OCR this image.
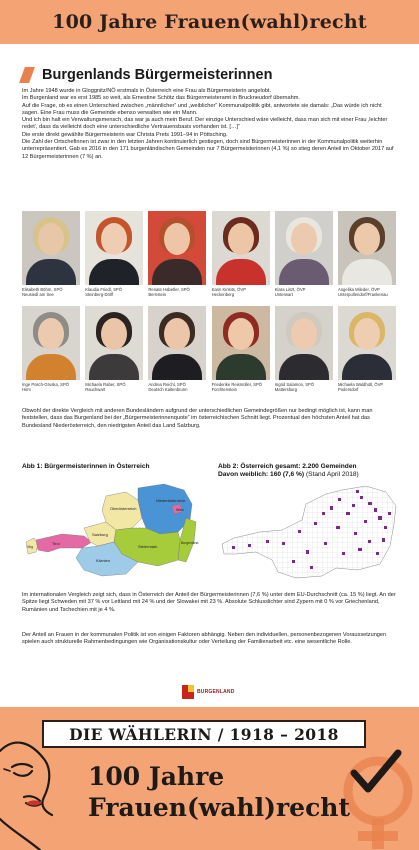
100 Jahre Frauen(wahl)recht
Burgenlands Bürgermeisterinnen

Im Jahre 1948 wurde in Gloggnitz/NÖ erstmals in Österreich eine Frau als Bürgermeisterin angelobt.
Im Burgenland war es erst 1985 so weit, als Ernestine Schötz das Bürgermeisteramt in Bruckneudorf übernahm.
Auf die Frage, ob es einen Unterschied zwischen „männlicher“ und „weiblicher“ Kommunalpolitik gibt, antwortete sie damals: „Das würde ich nicht sagen. Eine Frau muss die Gemeinde ebenso verwalten wie ein Mann.
Und ich bin halt ein Verwaltungsmensch, das war ja auch mein Beruf. Der einzige Unterschied wäre vielleicht, dass man sich mit einer Frau ‚leichter redet‘, dass da vielleicht doch eine unterschiedliche Vertrauensbasis vorhanden ist. […]“
Die erste direkt gewählte Bürgermeisterin war Christa Prets 1991–94 in Pöttsching.
Die Zahl der Ortschefinnen ist zwar in den letzten Jahren kontinuierlich gestiegen, doch sind Bürgermeisterinnen in der Kommunalpolitik weiterhin unterrepräsentiert. Gab es 2016 in den 171 burgenländischen Gemeinden nur 7 Bürgermeisterinnen (4,1 %) so stieg deren Anteil im Oktober 2017 auf 12 Bürgermeisterinnen (7 %) an.

Elisabeth Böhm, SPÖ
Neusiedl am See
Klaudia Friedl, SPÖ
Steinberg-Dörfl
Renate Habetler, SPÖ
Bernstein
Karin Kirisits, ÖVP
Heckenberg
Klara Liszt, ÖVP
Unterwart
Angelika Mileder, ÖVP
Unterpullendorf/Frankenau
Inge Posch-Gruska, SPÖ
Hirm
Michaela Raber, SPÖ
Rauchwart
Andrea Reichl, SPÖ
Deutsch Kaltenbrunn
Friederike Reismüller, SPÖ
Forchtenstein
Ingrid Salamon, SPÖ
Mattersburg
Michaela Waldhütl, ÖVP
Podersdorf

Obwohl der direkte Vergleich mit anderen Bundesländern aufgrund der unterschiedlichen Gemeindegrößen nur bedingt möglich ist, kann man feststellen, dass das Burgenland bei der „Bürgermeisterinnenquote“ im österreichischen Schnitt liegt. Prozentual den höchsten Anteil hat das Bundesland Niederösterreich, den niedrigsten Anteil das Land Salzburg.

Abb 1: Bürgermeisterinnen in Österreich	Abb 2: Österreich gesamt: 2.200 Gemeinden
Davon weiblich: 160 (7,6 %) (Stand April 2018)
Niederösterreich
Oberösterreich	Wien
Burgenland
Salzburg
Steiermark
Kärnten
Tirol
Vbg

Im internationalen Vergleich zeigt sich, dass in Österreich der Anteil der Bürgermeisterinnen (7,6 %) unter dem EU-Durchschnitt (ca. 15 %) liegt. An der Spitze liegt Schweden mit 37 % vor Lettland mit 24 % und der Slowakei mit 23 %. Absolute Schlusslichter sind Zypern mit 0 % vor Griechenland, Rumänien und Tschechien mit je 4 %.

Der Anteil an Frauen in der kommunalen Politik ist von einigen Faktoren abhängig. Neben den individuellen, personenbezogenen Voraussetzungen spielen auch strukturelle Rahmenbedingungen wie Organisationskultur oder Verteilung der Familienarbeit etc. eine wesentliche Rolle.

BURGENLAND
DIE WÄHLERIN / 1918 – 2018
100 Jahre
Frauen(wahl)recht
